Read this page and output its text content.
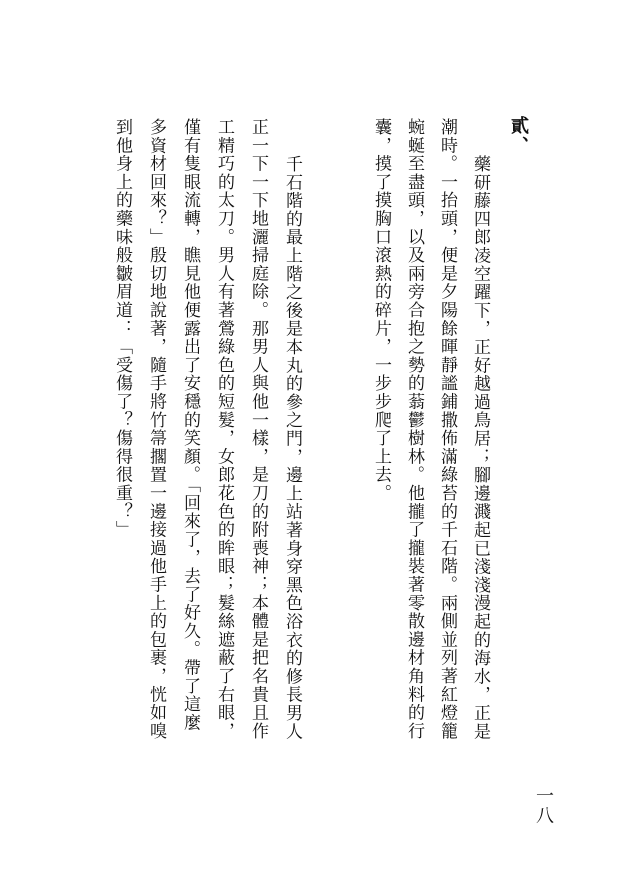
貳、

藥研藤四郎凌空躍下，正好越過鳥居；腳邊濺起已淺淺漫起的海水，正是

潮時。一抬頭，便是夕陽餘暉靜謐鋪撒佈滿綠苔的千石階。兩側並列著紅燈籠

蜿蜒至盡頭，以及兩旁合抱之勢的蓊鬱樹林。他攏了攏裝著零散邊材角料的行

囊，摸了摸胸口滾熱的碎片，一步步爬了上去。

千石階的最上階之後是本丸的參之門，邊上站著身穿黑色浴衣的修長男人

正一下一下地灑掃庭除。那男人與他一樣，是刀的附喪神；本體是把名貴且作

工精巧的太刀。男人有著鶯綠色的短髮，女郎花色的眸眼；髮絲遮蔽了右眼，

僅有隻眼流轉，瞧見他便露出了安穩的笑顏。「回來了，去了好久。帶了這麼

多資材回來？」殷切地說著，隨手將竹箒擱置一邊接過他手上的包裹，恍如嗅

到他身上的藥味般皺眉道：「受傷了？傷得很重？」

一八
